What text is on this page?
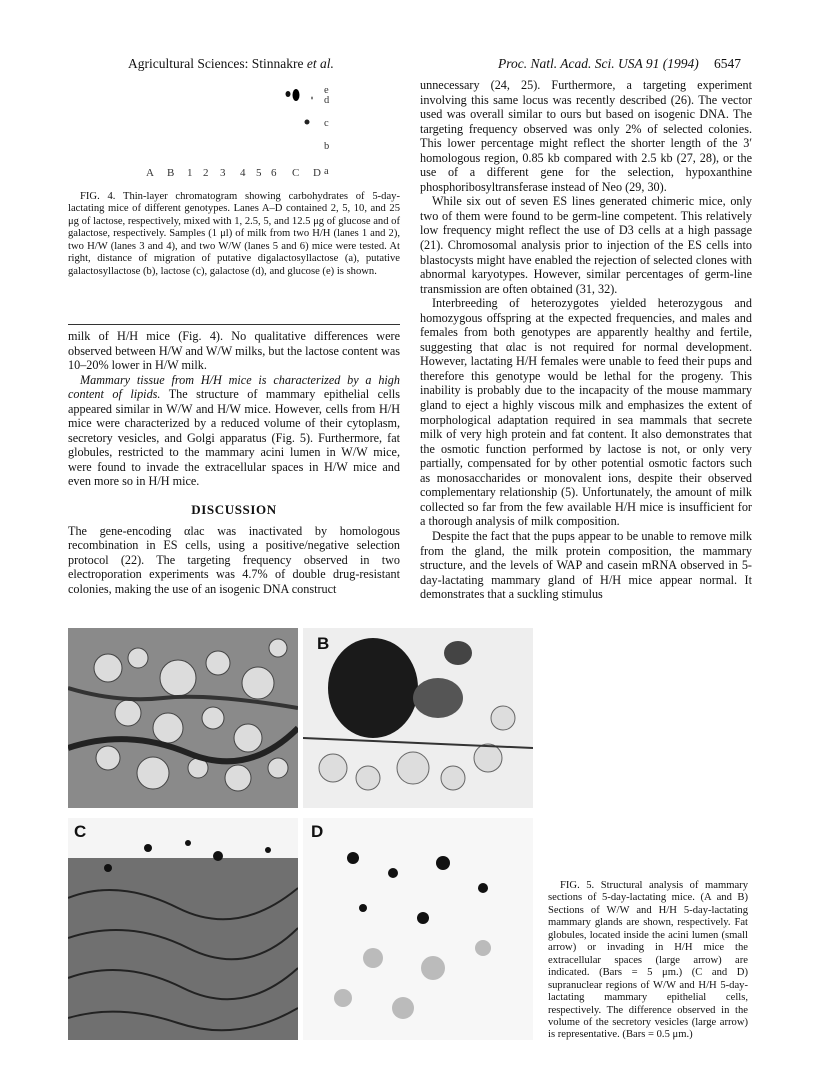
Agricultural Sciences: Stinnakre et al.	Proc. Natl. Acad. Sci. USA 91 (1994) 6547
e
d
c
b
a
A B 1 2 3 4 5 6 C D

FIG. 4. Thin-layer chromatogram showing carbohydrates of 5-day-lactating mice of different genotypes. Lanes A–D contained 2, 5, 10, and 25 μg of lactose, respectively, mixed with 1, 2.5, 5, and 12.5 μg of glucose and of galactose, respectively. Samples (1 μl) of milk from two H/H (lanes 1 and 2), two H/W (lanes 3 and 4), and two W/W (lanes 5 and 6) mice were tested. At right, distance of migration of putative digalactosyllactose (a), putative galactosyllactose (b), lactose (c), galactose (d), and glucose (e) is shown.

milk of H/H mice (Fig. 4). No qualitative differences were observed between H/W and W/W milks, but the lactose content was 10–20% lower in H/W milk.

Mammary tissue from H/H mice is characterized by a high content of lipids. The structure of mammary epithelial cells appeared similar in W/W and H/W mice. However, cells from H/H mice were characterized by a reduced volume of their cytoplasm, secretory vesicles, and Golgi apparatus (Fig. 5). Furthermore, fat globules, restricted to the mammary acini lumen in W/W mice, were found to invade the extracellular spaces in H/W mice and even more so in H/H mice.

DISCUSSION

The gene-encoding αlac was inactivated by homologous recombination in ES cells, using a positive/negative selection protocol (22). The targeting frequency observed in two electroporation experiments was 4.7% of double drug-resistant colonies, making the use of an isogenic DNA construct

unnecessary (24, 25). Furthermore, a targeting experiment involving this same locus was recently described (26). The vector used was overall similar to ours but based on isogenic DNA. The targeting frequency observed was only 2% of selected colonies. This lower percentage might reflect the shorter length of the 3′ homologous region, 0.85 kb compared with 2.5 kb (27, 28), or the use of a different gene for the selection, hypoxanthine phosphoribosyltransferase instead of Neo (29, 30).

While six out of seven ES lines generated chimeric mice, only two of them were found to be germ-line competent. This relatively low frequency might reflect the use of D3 cells at a high passage (21). Chromosomal analysis prior to injection of the ES cells into blastocysts might have enabled the rejection of selected clones with abnormal karyotypes. However, similar percentages of germ-line transmission are often obtained (31, 32).

Interbreeding of heterozygotes yielded heterozygous and homozygous offspring at the expected frequencies, and males and females from both genotypes are apparently healthy and fertile, suggesting that αlac is not required for normal development. However, lactating H/H females were unable to feed their pups and therefore this genotype would be lethal for the progeny. This inability is probably due to the incapacity of the mouse mammary gland to eject a highly viscous milk and emphasizes the extent of morphological adaptation required in sea mammals that secrete milk of very high protein and fat content. It also demonstrates that the osmotic function performed by lactose is not, or only very partially, compensated for by other potential osmotic factors such as monosaccharides or monovalent ions, despite their observed complementary relationship (5). Unfortunately, the amount of milk collected so far from the few available H/H mice is insufficient for a thorough analysis of milk composition.

Despite the fact that the pups appear to be unable to remove milk from the gland, the milk protein composition, the mammary structure, and the levels of WAP and casein mRNA observed in 5-day-lactating mammary gland of H/H mice appear normal. It demonstrates that a suckling stimulus

B
C	D

FIG. 5. Structural analysis of mammary sections of 5-day-lactating mice. (A and B) Sections of W/W and H/H 5-day-lactating mammary glands are shown, respectively. Fat globules, located inside the acini lumen (small arrow) or invading in H/H mice the extracellular spaces (large arrow) are indicated. (Bars = 5 μm.) (C and D) supranuclear regions of W/W and H/H 5-day-lactating mammary epithelial cells, respectively. The difference observed in the volume of the secretory vesicles (large arrow) is representative. (Bars = 0.5 μm.)
